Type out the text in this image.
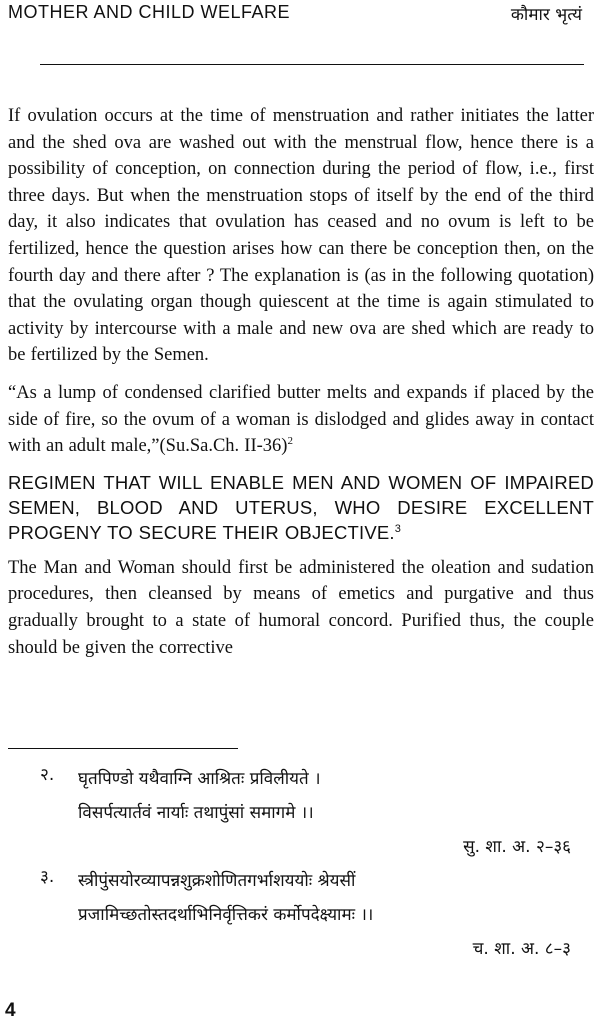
MOTHER AND CHILD WELFARE	कौमार भृत्यं

If ovulation occurs at the time of menstruation and rather initiates the latter and the shed ova are washed out with the menstrual flow, hence there is a possibility of conception, on connection during the period of flow, i.e., first three days. But when the menstruation stops of itself by the end of the third day, it also indicates that ovulation has ceased and no ovum is left to be fertilized, hence the question arises how can there be conception then, on the fourth day and there after ? The explanation is (as in the following quotation) that the ovulating organ though quiescent at the time is again stimulated to activity by intercourse with a male and new ova are shed which are ready to be fertilized by the Semen.

“As a lump of condensed clarified butter melts and expands if placed by the side of fire, so the ovum of a woman is dislodged and glides away in contact with an adult male,”(Su.Sa.Ch. II-36)$^2$

REGIMEN THAT WILL ENABLE MEN AND WOMEN OF IMPAIRED SEMEN, BLOOD AND UTERUS, WHO DESIRE EXCELLENT PROGENY TO SECURE THEIR OBJECTIVE.$^3$

The Man and Woman should first be administered the oleation and sudation procedures, then cleansed by means of emetics and purgative and thus gradually brought to a state of humoral concord. Purified thus, the couple should be given the corrective

२.	घृतपिण्डो यथैवाग्नि आश्रितः प्रविलीयते ।
विसर्पत्यार्तवं नार्याः तथापुंसां समागमे ।।
सु. शा. अ. २–३६
३.	स्त्रीपुंसयोरव्यापन्नशुक्रशोणितगर्भाशययोः श्रेयसीं
प्रजामिच्छतोस्तदर्थाभिनिर्वृत्तिकरं कर्मोपदेक्ष्यामः ।।
च. शा. अ. ८–३
4
